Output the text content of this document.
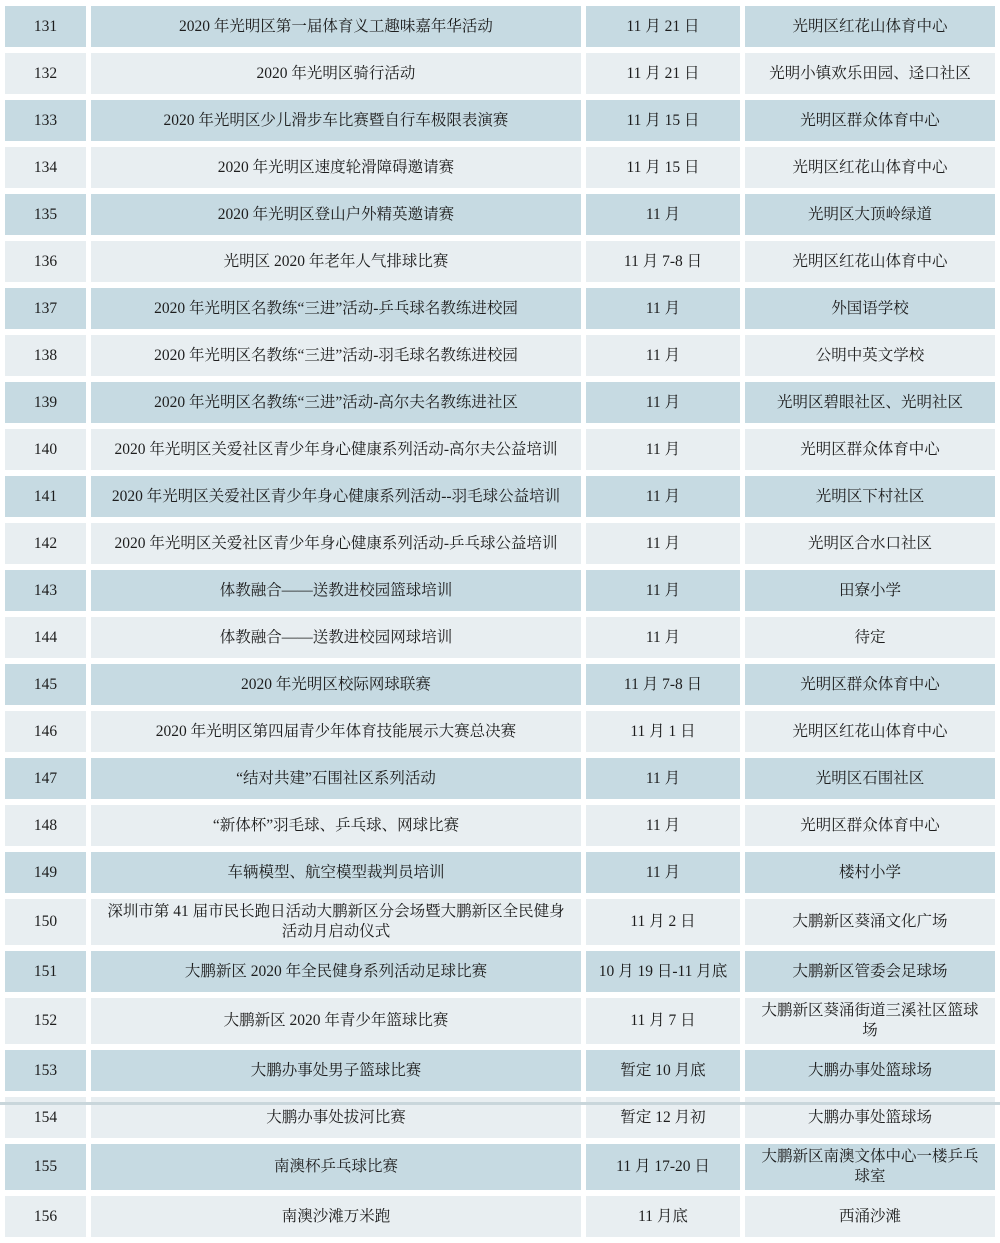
131	2020 年光明区第一届体育义工趣味嘉年华活动	11 月 21 日	光明区红花山体育中心
132	2020 年光明区骑行活动	11 月 21 日	光明小镇欢乐田园、迳口社区
133	2020 年光明区少儿滑步车比赛暨自行车极限表演赛	11 月 15 日	光明区群众体育中心
134	2020 年光明区速度轮滑障碍邀请赛	11 月 15 日	光明区红花山体育中心
135	2020 年光明区登山户外精英邀请赛	11 月	光明区大顶岭绿道
136	光明区 2020 年老年人气排球比赛	11 月 7-8 日	光明区红花山体育中心
137	2020 年光明区名教练“三进”活动-乒乓球名教练进校园	11 月	外国语学校
138	2020 年光明区名教练“三进”活动-羽毛球名教练进校园	11 月	公明中英文学校
139	2020 年光明区名教练“三进”活动-高尔夫名教练进社区	11 月	光明区碧眼社区、光明社区
140	2020 年光明区关爱社区青少年身心健康系列活动-高尔夫公益培训	11 月	光明区群众体育中心
141	2020 年光明区关爱社区青少年身心健康系列活动--羽毛球公益培训	11 月	光明区下村社区
142	2020 年光明区关爱社区青少年身心健康系列活动-乒乓球公益培训	11 月	光明区合水口社区
143	体教融合——送教进校园篮球培训	11 月	田寮小学
144	体教融合——送教进校园网球培训	11 月	待定
145	2020 年光明区校际网球联赛	11 月 7-8 日	光明区群众体育中心
146	2020 年光明区第四届青少年体育技能展示大赛总决赛	11 月 1 日	光明区红花山体育中心
147	“结对共建”石围社区系列活动	11 月	光明区石围社区
148	“新体杯”羽毛球、乒乓球、网球比赛	11 月	光明区群众体育中心
149	车辆模型、航空模型裁判员培训	11 月	楼村小学
150	深圳市第 41 届市民长跑日活动大鹏新区分会场暨大鹏新区全民健身活动月启动仪式	11 月 2 日	大鹏新区葵涌文化广场
151	大鹏新区 2020 年全民健身系列活动足球比赛	10 月 19 日-11 月底	大鹏新区管委会足球场
152	大鹏新区 2020 年青少年篮球比赛	11 月 7 日	大鹏新区葵涌街道三溪社区篮球场
153	大鹏办事处男子篮球比赛	暂定 10 月底	大鹏办事处篮球场
154	大鹏办事处拔河比赛	暂定 12 月初	大鹏办事处篮球场
155	南澳杯乒乓球比赛	11 月 17-20 日	大鹏新区南澳文体中心一楼乒乓球室
156	南澳沙滩万米跑	11 月底	西涌沙滩
